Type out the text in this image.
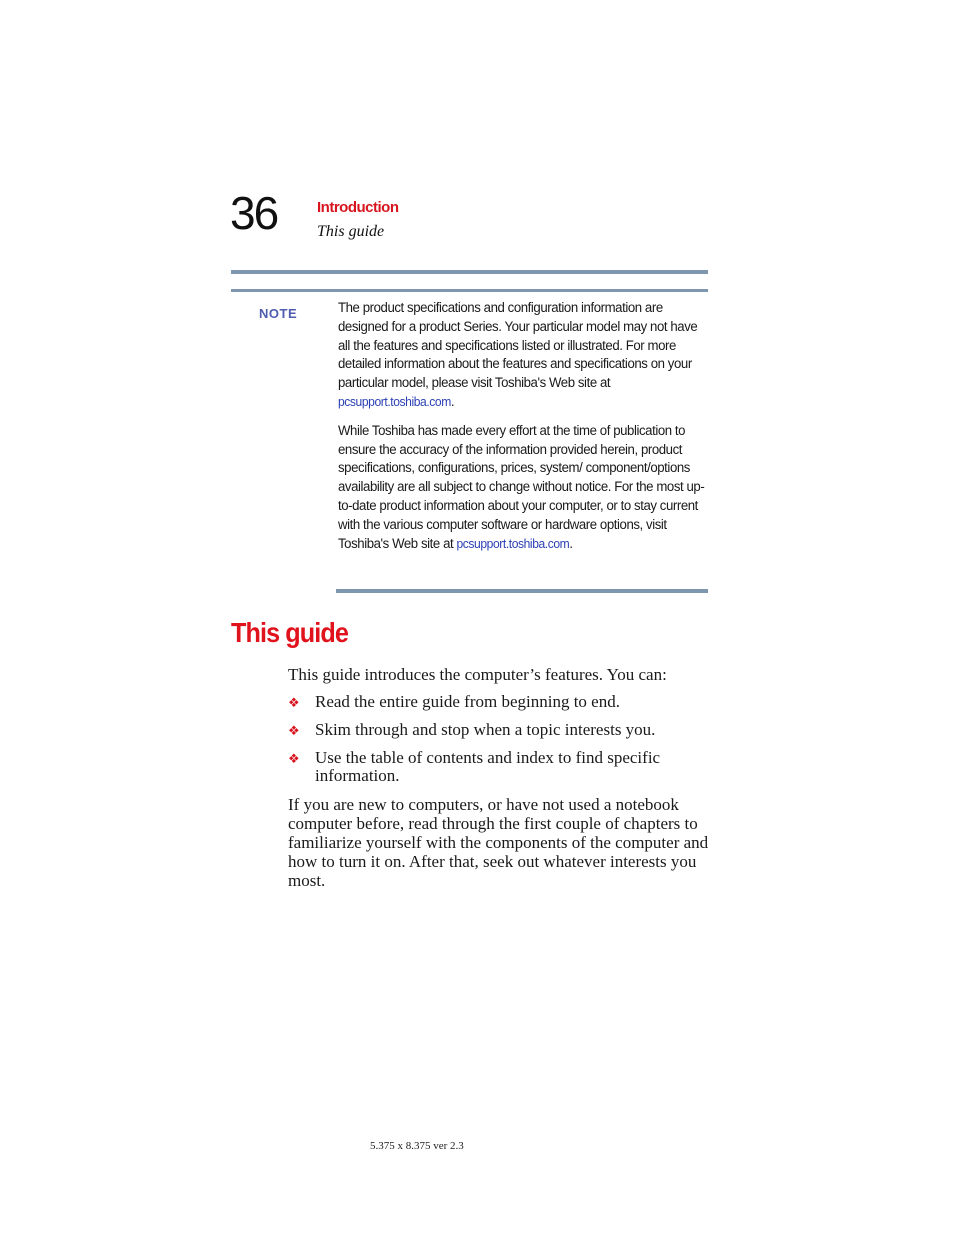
36	Introduction
This guide
NOTE	The product specifications and configuration information are designed for a product Series. Your particular model may not have all the features and specifications listed or illustrated. For more detailed information about the features and specifications on your particular model, please visit Toshiba's Web site at pcsupport.toshiba.com.

While Toshiba has made every effort at the time of publication to ensure the accuracy of the information provided herein, product specifications, configurations, prices, system/ component/options availability are all subject to change without notice. For the most up-to-date product information about your computer, or to stay current with the various computer software or hardware options, visit Toshiba's Web site at pcsupport.toshiba.com.

This guide
This guide introduces the computer’s features. You can:
❖ Read the entire guide from beginning to end.
❖ Skim through and stop when a topic interests you.
❖ Use the table of contents and index to find specific information.
If you are new to computers, or have not used a notebook computer before, read through the first couple of chapters to familiarize yourself with the components of the computer and how to turn it on. After that, seek out whatever interests you most.
5.375 x 8.375 ver 2.3
